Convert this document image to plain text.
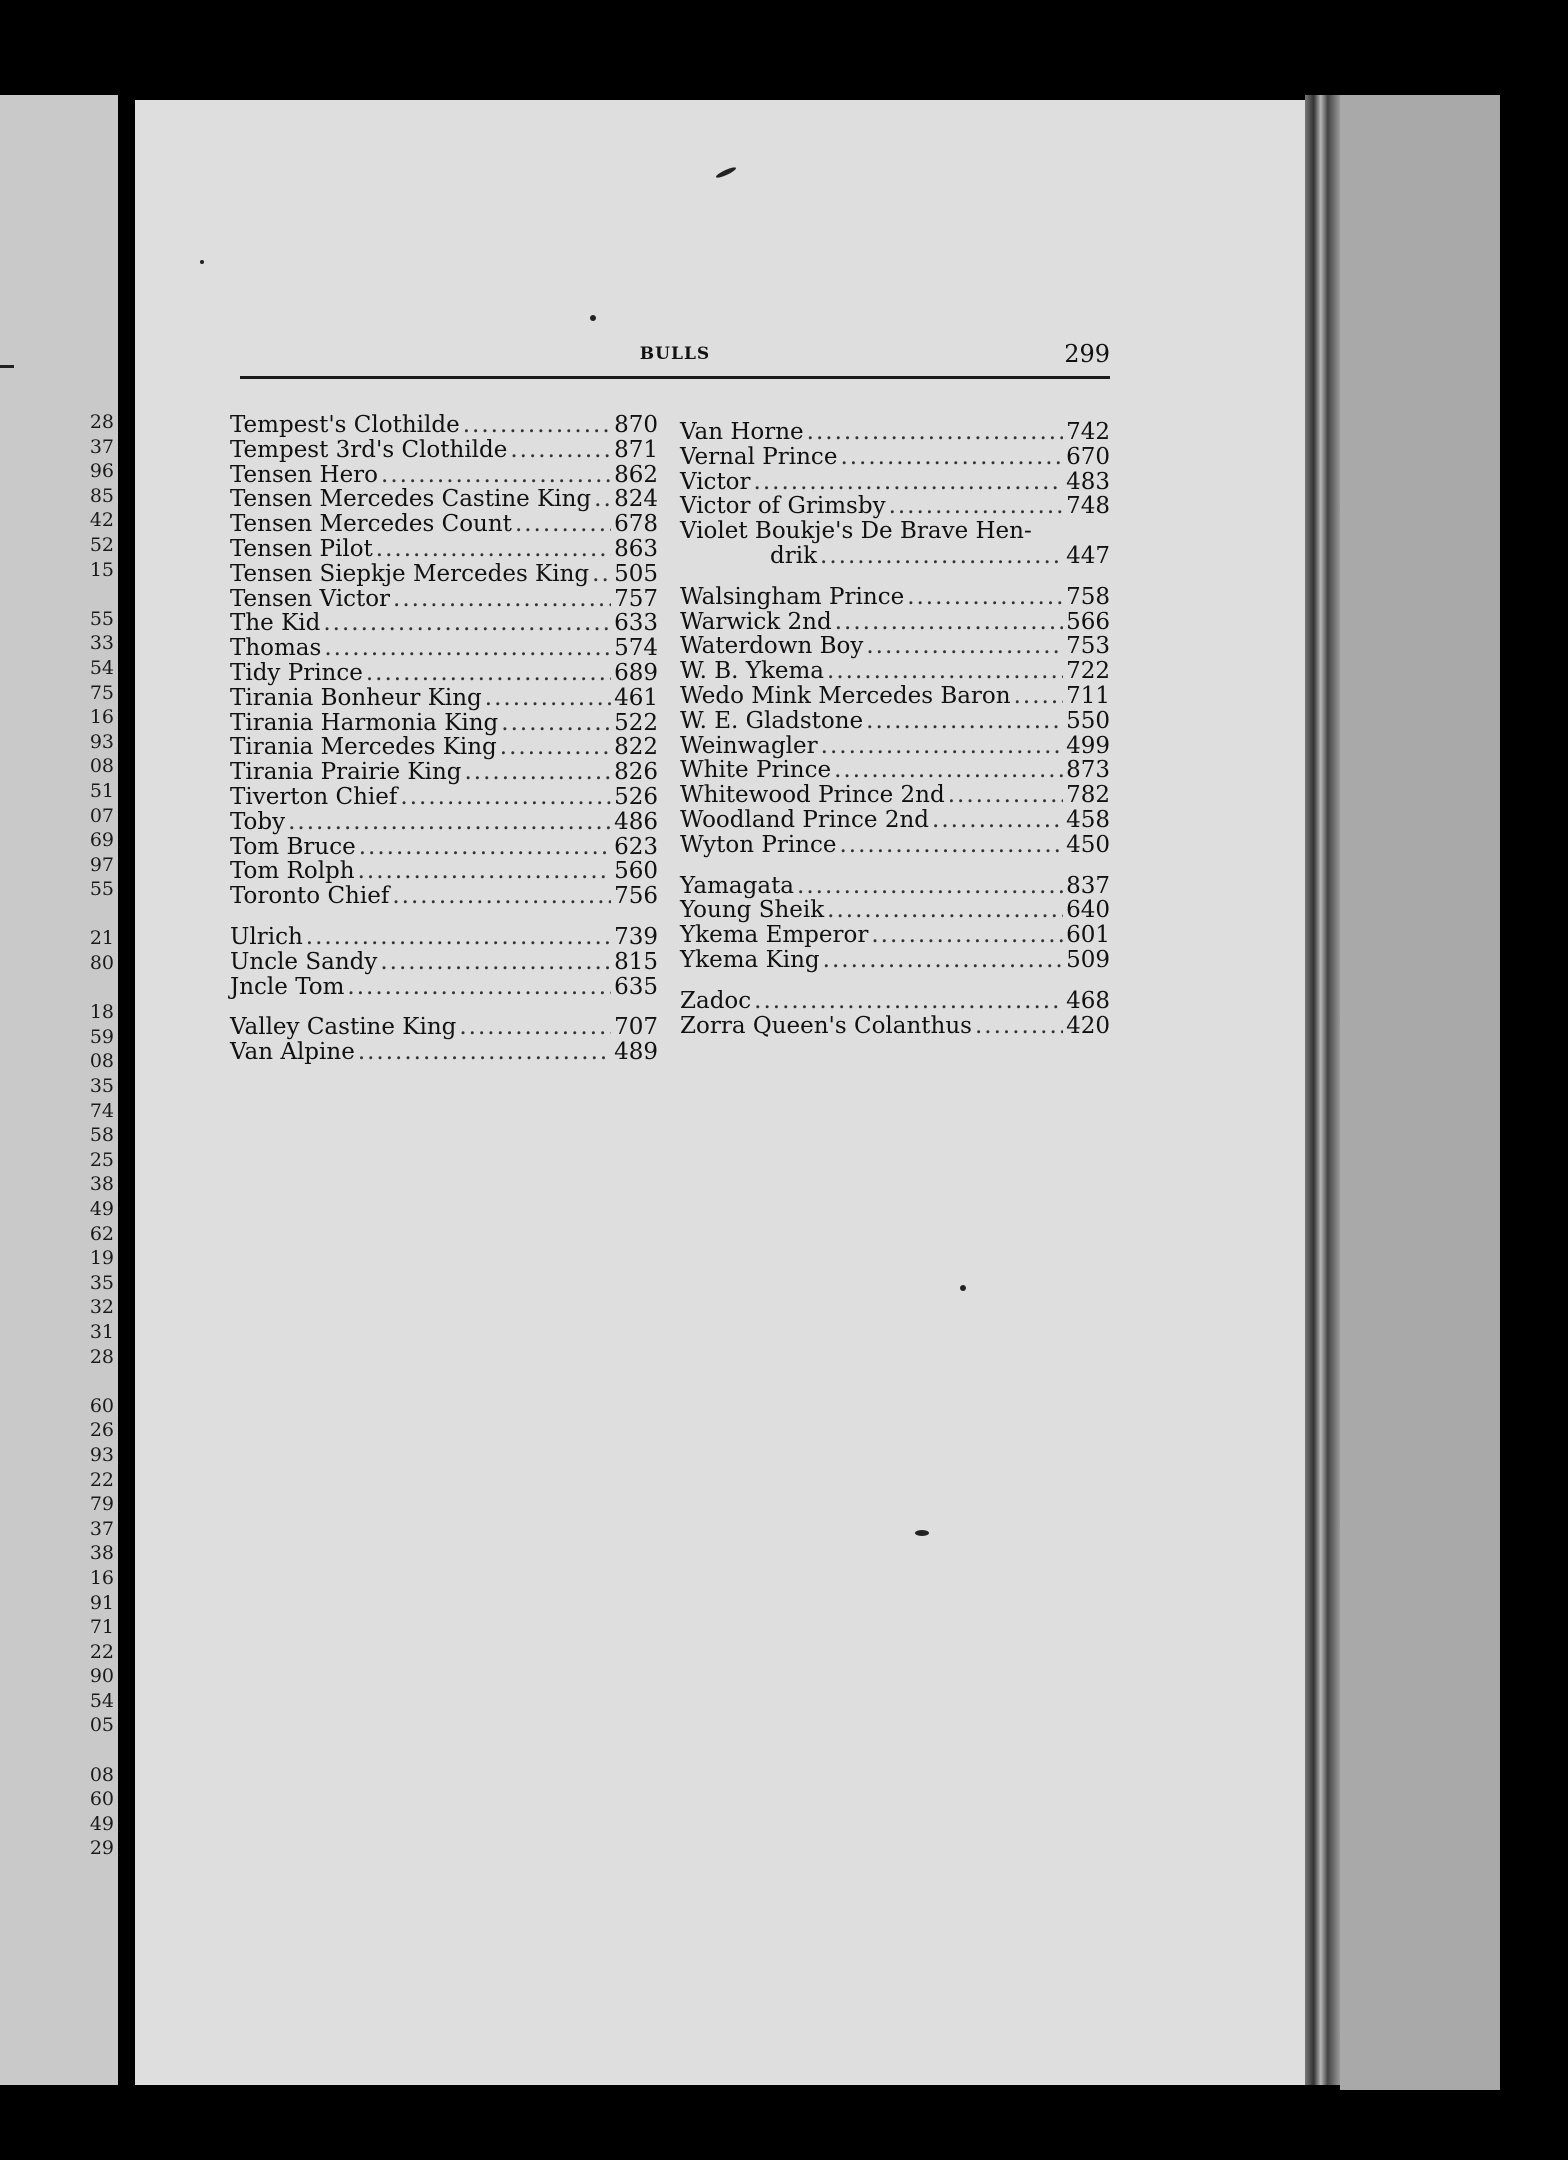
28
37
96
85
42
52
15
55
33
54
75
16
93
08
51
07
69
97
55
21
80
18
59
08
35
74
58
25
38
49
62
19
35
32
31
28
60
26
93
22
79
37
38
16
91
71
22
90
54
05
08
60
49
29
BULLS	299
Tempest's Clothilde .....	870
Tempest 3rd's Clothilde .....	871
Tensen Hero .....	862
Tensen Mercedes Castine King ..... 824
Tensen Mercedes Count .....	678
Tensen Pilot .....	863
Tensen Siepkje Mercedes King ..... 505
Tensen Victor .....	757
The Kid .....	633
Thomas .....	574
Tidy Prince .....	689
Tirania Bonheur King .....	461
Tirania Harmonia King .....	522
Tirania Mercedes King .....	822
Tirania Prairie King .....	826
Tiverton Chief .....	526
Toby .....	486
Tom Bruce .....	623
Tom Rolph .....	560
Toronto Chief .....	756
Ulrich .....	739
Uncle Sandy .....	815
Jncle Tom .....	635
Valley Castine King .....	707
Van Alpine .....	489
Van Horne .....	742
Vernal Prince .....	670
Victor .....	483
Victor of Grimsby .....	748
Violet Boukje's De Brave Hen-
drik .....	447
Walsingham Prince .....	758
Warwick 2nd .....	566
Waterdown Boy .....	753
W. B. Ykema .....	722
Wedo Mink Mercedes Baron ..... 711
W. E. Gladstone .....	550
Weinwagler .....	499
White Prince .....	873
Whitewood Prince 2nd .....	782
Woodland Prince 2nd .....	458
Wyton Prince .....	450
Yamagata .....	837
Young Sheik .....	640
Ykema Emperor .....	601
Ykema King .....	509
Zadoc .....	468
Zorra Queen's Colanthus .....	420
